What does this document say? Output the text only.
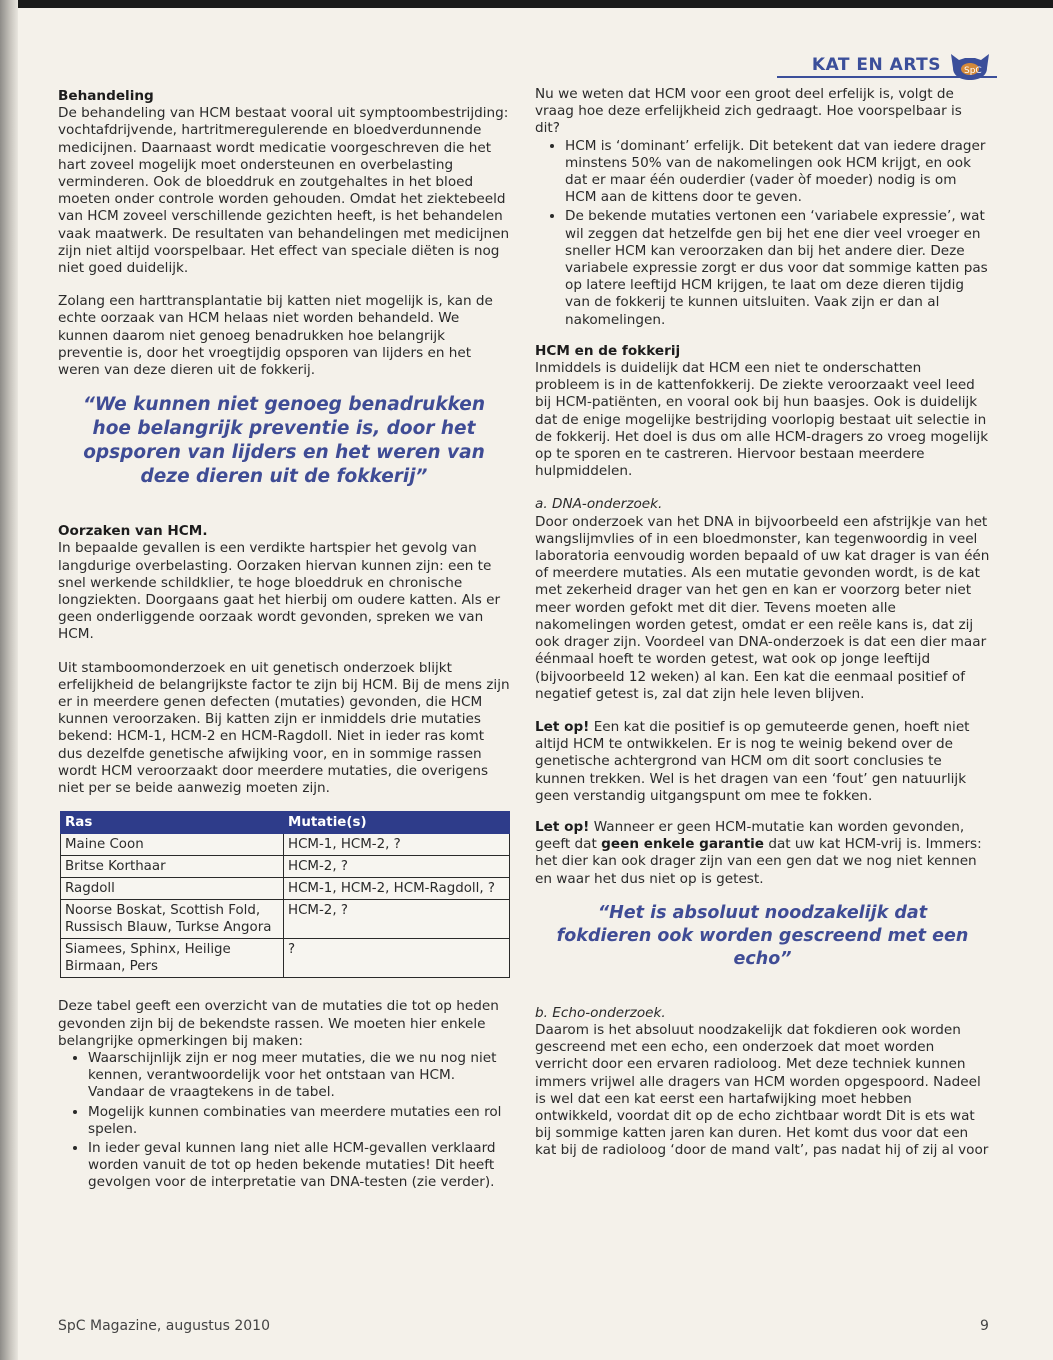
KAT EN ARTS	SpC
Behandeling
De behandeling van HCM bestaat vooral uit symptoombestrijding: vochtafdrijvende, hartritmeregulerende en bloedverdunnende medicijnen. Daarnaast wordt medicatie voorgeschreven die het hart zoveel mogelijk moet ondersteunen en overbelasting verminderen. Ook de bloeddruk en zoutgehaltes in het bloed moeten onder controle worden gehouden. Omdat het ziektebeeld van HCM zoveel verschillende gezichten heeft, is het behandelen vaak maatwerk. De resultaten van behandelingen met medicijnen zijn niet altijd voorspelbaar. Het effect van speciale diëten is nog niet goed duidelijk.

Zolang een harttransplantatie bij katten niet mogelijk is, kan de echte oorzaak van HCM helaas niet worden behandeld. We kunnen daarom niet genoeg benadrukken hoe belangrijk preventie is, door het vroegtijdig opsporen van lijders en het weren van deze dieren uit de fokkerij.

“We kunnen niet genoeg benadrukken hoe belangrijk preventie is, door het opsporen van lijders en het weren van deze dieren uit de fokkerij”
Oorzaken van HCM.
In bepaalde gevallen is een verdikte hartspier het gevolg van langdurige overbelasting. Oorzaken hiervan kunnen zijn: een te snel werkende schildklier, te hoge bloeddruk en chronische longziekten. Doorgaans gaat het hierbij om oudere katten. Als er geen onderliggende oorzaak wordt gevonden, spreken we van HCM.

Uit stamboomonderzoek en uit genetisch onderzoek blijkt erfelijkheid de belangrijkste factor te zijn bij HCM. Bij de mens zijn er in meerdere genen defecten (mutaties) gevonden, die HCM kunnen veroorzaken. Bij katten zijn er inmiddels drie mutaties bekend: HCM-1, HCM-2 en HCM-Ragdoll. Niet in ieder ras komt dus dezelfde genetische afwijking voor, en in sommige rassen wordt HCM veroorzaakt door meerdere mutaties, die overigens niet per se beide aanwezig moeten zijn.

Ras	Mutatie(s)
Maine Coon	HCM-1, HCM-2, ?
Britse Korthaar	HCM-2, ?
Ragdoll	HCM-1, HCM-2, HCM-Ragdoll, ?
Noorse Boskat, Scottish Fold, Russisch Blauw, Turkse Angora	HCM-2, ?
Siamees, Sphinx, Heilige Birmaan, Pers	?
Deze tabel geeft een overzicht van de mutaties die tot op heden gevonden zijn bij de bekendste rassen. We moeten hier enkele belangrijke opmerkingen bij maken:
• Waarschijnlijk zijn er nog meer mutaties, die we nu nog niet kennen, verantwoordelijk voor het ontstaan van HCM. Vandaar de vraagtekens in de tabel.
• Mogelijk kunnen combinaties van meerdere mutaties een rol spelen.
• In ieder geval kunnen lang niet alle HCM-gevallen verklaard worden vanuit de tot op heden bekende mutaties! Dit heeft gevolgen voor de interpretatie van DNA-testen (zie verder).
Nu we weten dat HCM voor een groot deel erfelijk is, volgt de vraag hoe deze erfelijkheid zich gedraagt. Hoe voorspelbaar is dit?
• HCM is ‘dominant’ erfelijk. Dit betekent dat van iedere drager minstens 50% van de nakomelingen ook HCM krijgt, en ook dat er maar één ouderdier (vader òf moeder) nodig is om HCM aan de kittens door te geven.
• De bekende mutaties vertonen een ‘variabele expressie’, wat wil zeggen dat hetzelfde gen bij het ene dier veel vroeger en sneller HCM kan veroorzaken dan bij het andere dier. Deze variabele expressie zorgt er dus voor dat sommige katten pas op latere leeftijd HCM krijgen, te laat om deze dieren tijdig van de fokkerij te kunnen uitsluiten. Vaak zijn er dan al nakomelingen.
HCM en de fokkerij
Inmiddels is duidelijk dat HCM een niet te onderschatten probleem is in de kattenfokkerij. De ziekte veroorzaakt veel leed bij HCM-patiënten, en vooral ook bij hun baasjes. Ook is duidelijk dat de enige mogelijke bestrijding voorlopig bestaat uit selectie in de fokkerij. Het doel is dus om alle HCM-dragers zo vroeg mogelijk op te sporen en te castreren. Hiervoor bestaan meerdere hulpmiddelen.
a. DNA-onderzoek.
Door onderzoek van het DNA in bijvoorbeeld een afstrijkje van het wangslijmvlies of in een bloedmonster, kan tegenwoordig in veel laboratoria eenvoudig worden bepaald of uw kat drager is van één of meerdere mutaties. Als een mutatie gevonden wordt, is de kat met zekerheid drager van het gen en kan er voorzorg beter niet meer worden gefokt met dit dier. Tevens moeten alle nakomelingen worden getest, omdat er een reële kans is, dat zij ook drager zijn. Voordeel van DNA-onderzoek is dat een dier maar éénmaal hoeft te worden getest, wat ook op jonge leeftijd (bijvoorbeeld 12 weken) al kan. Een kat die eenmaal positief of negatief getest is, zal dat zijn hele leven blijven.

Let op! Een kat die positief is op gemuteerde genen, hoeft niet altijd HCM te ontwikkelen. Er is nog te weinig bekend over de genetische achtergrond van HCM om dit soort conclusies te kunnen trekken. Wel is het dragen van een ‘fout’ gen natuurlijk geen verstandig uitgangspunt om mee te fokken.

Let op! Wanneer er geen HCM-mutatie kan worden gevonden, geeft dat geen enkele garantie dat uw kat HCM-vrij is. Immers: het dier kan ook drager zijn van een gen dat we nog niet kennen en waar het dus niet op is getest.

“Het is absoluut noodzakelijk dat fokdieren ook worden gescreend met een echo”
b. Echo-onderzoek.
Daarom is het absoluut noodzakelijk dat fokdieren ook worden gescreend met een echo, een onderzoek dat moet worden verricht door een ervaren radioloog. Met deze techniek kunnen immers vrijwel alle dragers van HCM worden opgespoord. Nadeel is wel dat een kat eerst een hartafwijking moet hebben ontwikkeld, voordat dit op de echo zichtbaar wordt Dit is ets wat bij sommige katten jaren kan duren. Het komt dus voor dat een kat bij de radioloog ‘door de mand valt’, pas nadat hij of zij al voor
SpC Magazine, augustus 2010	9
